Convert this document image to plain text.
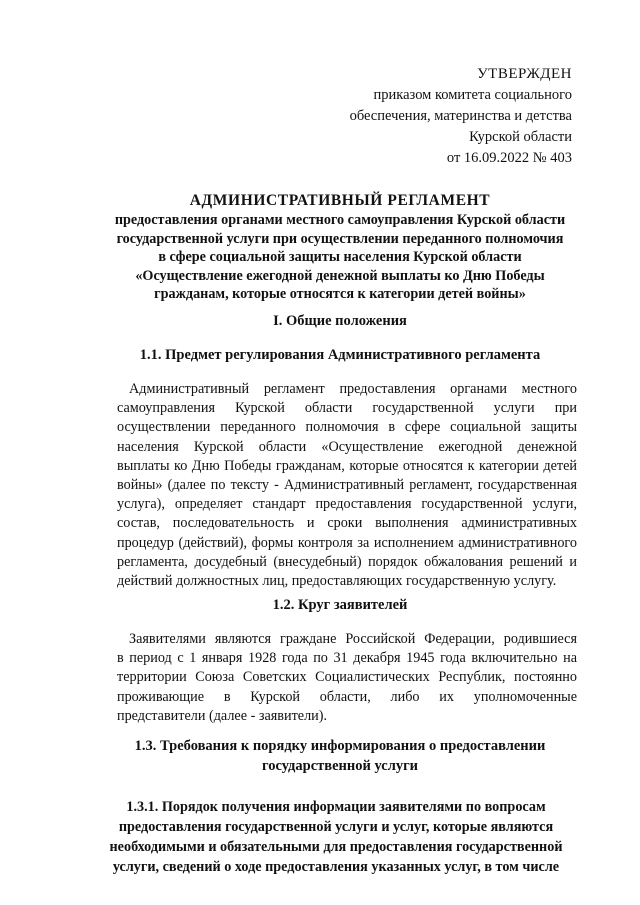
УТВЕРЖДЕН
приказом комитета социального
обеспечения, материнства и детства
Курской области
от 16.09.2022 № 403
АДМИНИСТРАТИВНЫЙ РЕГЛАМЕНТ
предоставления органами местного самоуправления Курской области
государственной услуги при осуществлении переданного полномочия
в сфере социальной защиты населения Курской области
«Осуществление ежегодной денежной выплаты ко Дню Победы
гражданам, которые относятся к категории детей войны»
I. Общие положения
1.1. Предмет регулирования Административного регламента
Административный регламент предоставления органами местного
самоуправления Курской области государственной услуги при
осуществлении переданного полномочия в сфере социальной защиты
населения Курской области «Осуществление ежегодной денежной
выплаты ко Дню Победы гражданам, которые относятся к категории детей
войны» (далее по тексту - Административный регламент, государственная
услуга), определяет стандарт предоставления государственной услуги,
состав, последовательность и сроки выполнения административных
процедур (действий), формы контроля за исполнением административного
регламента, досудебный (внесудебный) порядок обжалования решений и
действий должностных лиц, предоставляющих государственную услугу.
1.2. Круг заявителей
Заявителями являются граждане Российской Федерации, родившиеся
в период с 1 января 1928 года по 31 декабря 1945 года включительно на
территории Союза Советских Социалистических Республик, постоянно
проживающие в Курской области, либо их уполномоченные
представители (далее - заявители).
1.3. Требования к порядку информирования о предоставлении
государственной услуги
1.3.1. Порядок получения информации заявителями по вопросам
предоставления государственной услуги и услуг, которые являются
необходимыми и обязательными для предоставления государственной
услуги, сведений о ходе предоставления указанных услуг, в том числе
